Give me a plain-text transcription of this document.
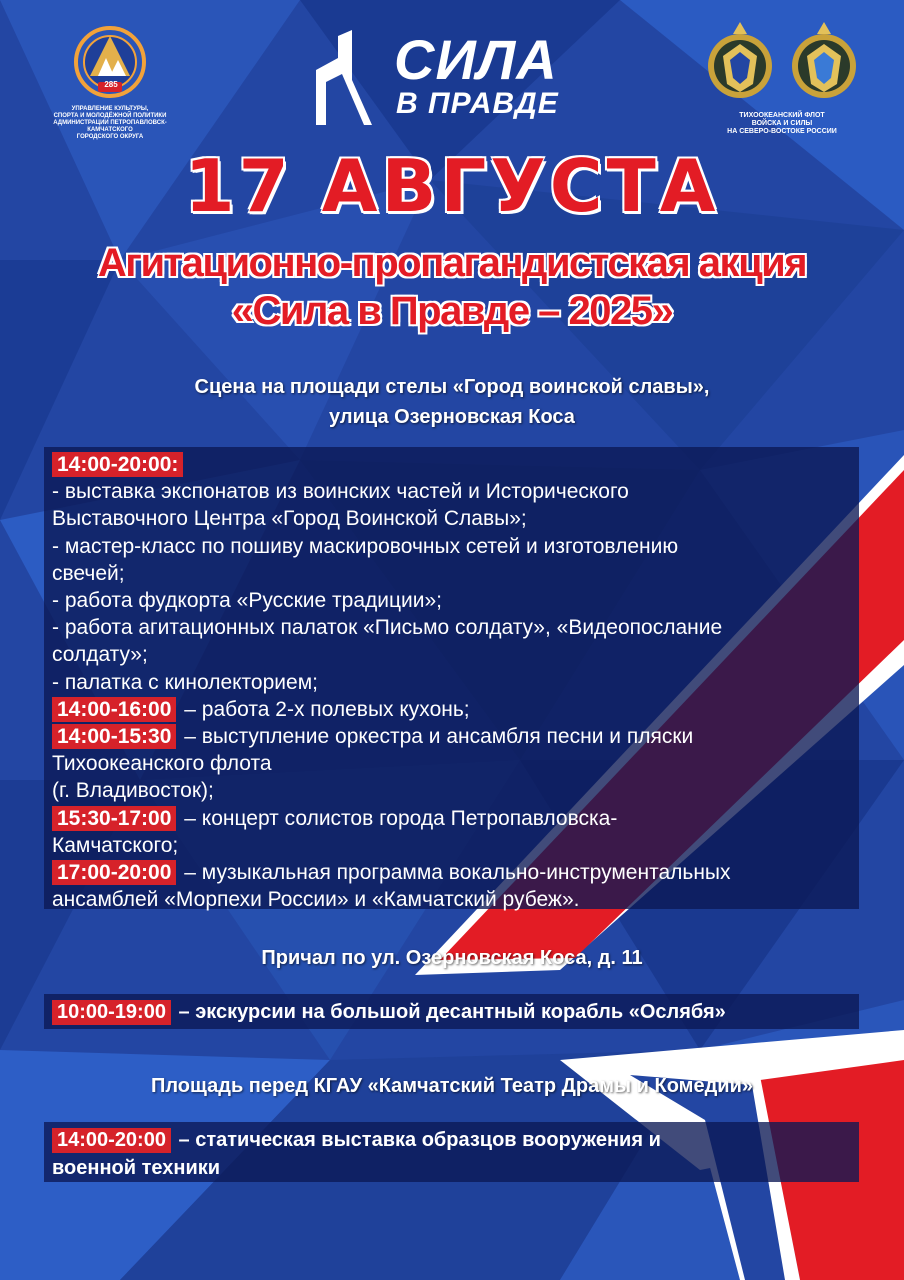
285
УПРАВЛЕНИЕ КУЛЬТУРЫ,
СПОРТА И МОЛОДЁЖНОЙ ПОЛИТИКИ
АДМИНИСТРАЦИИ ПЕТРОПАВЛОВСК-КАМЧАТСКОГО
ГОРОДСКОГО ОКРУГА
СИЛА
В ПРАВДЕ	ТИХООКЕАНСКИЙ ФЛОТ
ВОЙСКА И СИЛЫ
НА СЕВЕРО-ВОСТОКЕ РОССИИ
17 АВГУСТА
Агитационно-пропагандистская акция
«Сила в Правде – 2025»
Сцена на площади стелы «Город воинской славы»,
улица Озерновская Коса
14:00-20:00:
- выставка экспонатов из воинских частей и Исторического
Выставочного Центра «Город Воинской Славы»;
- мастер-класс по пошиву маскировочных сетей и изготовлению
свечей;
- работа фудкорта «Русские традиции»;
- работа агитационных палаток «Письмо солдату», «Видеопослание
солдату»;
- палатка с кинолекторием;
14:00-16:00 – работа 2-х полевых кухонь;
14:00-15:30 – выступление оркестра и ансамбля песни и пляски
Тихоокеанского флота
(г. Владивосток);
15:30-17:00 – концерт солистов города Петропавловска-
Камчатского;
17:00-20:00 – музыкальная программа вокально-инструментальных
ансамблей «Морпехи России» и «Камчатский рубеж».
Причал по ул. Озерновская Коса, д. 11
10:00-19:00 – экскурсии на большой десантный корабль «Ослябя»
Площадь перед КГАУ «Камчатский Театр Драмы и Комедии»
14:00-20:00 – статическая выставка образцов вооружения и
военной техники
